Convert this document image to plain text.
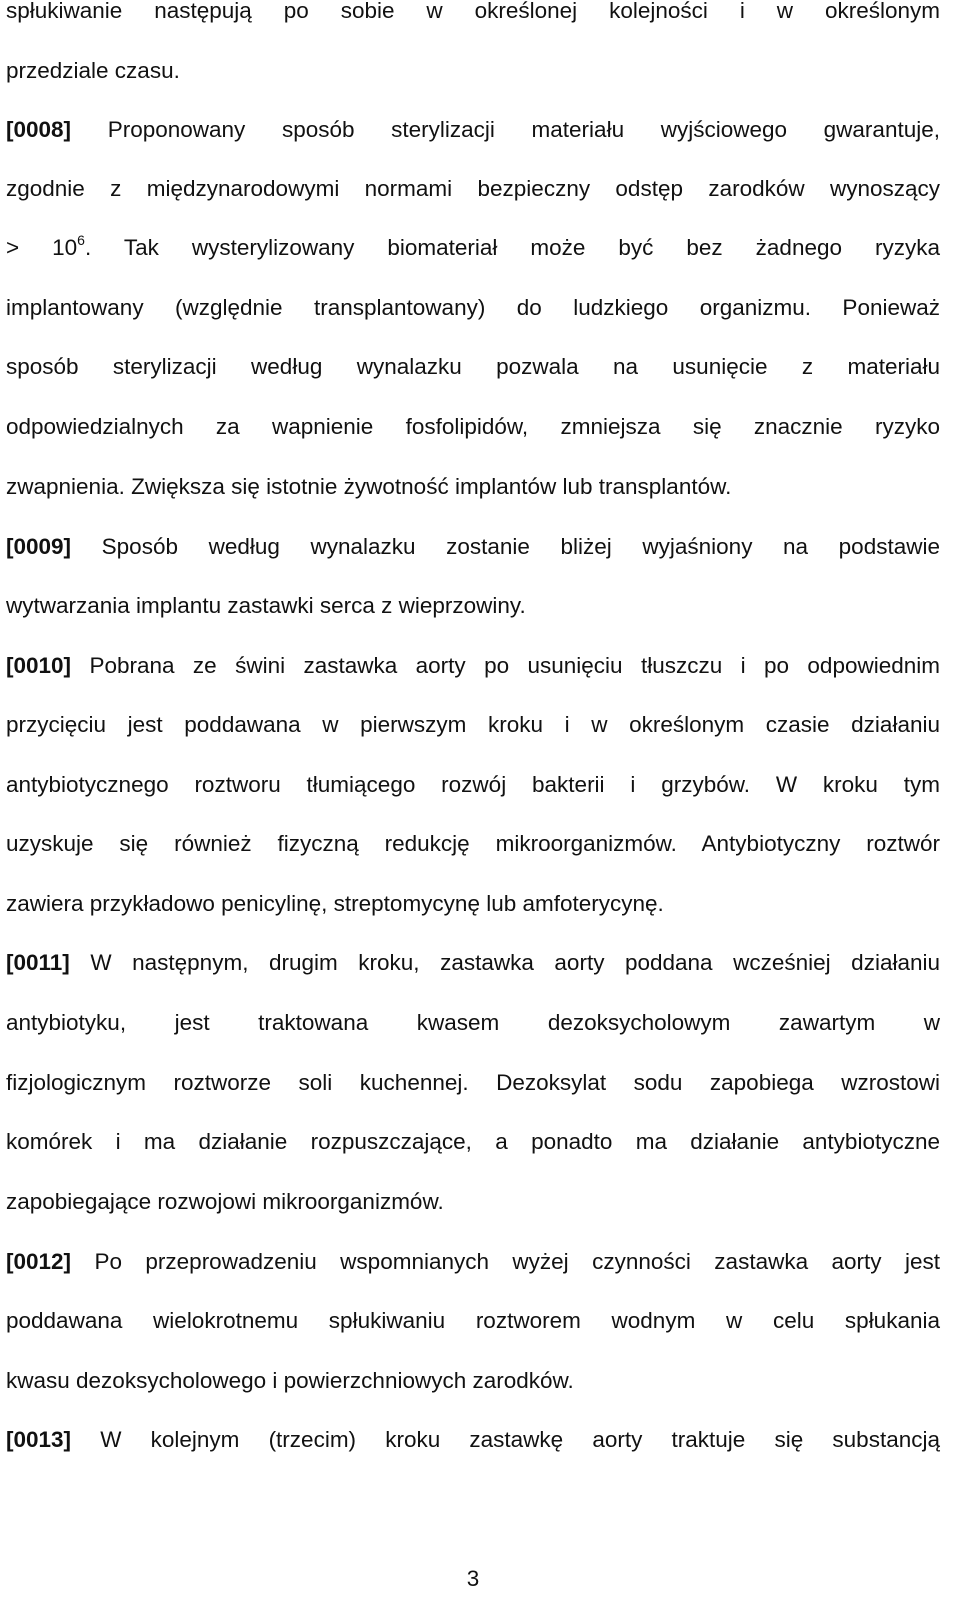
spłukiwanie następują po sobie w określonej kolejności i w określonym
przedziale czasu.
[0008] Proponowany sposób sterylizacji materiału wyjściowego gwarantuje,
zgodnie z międzynarodowymi normami bezpieczny odstęp zarodków wynoszący
> $10^6$. Tak wysterylizowany biomateriał może być bez żadnego ryzyka
implantowany (względnie transplantowany) do ludzkiego organizmu. Ponieważ
sposób sterylizacji według wynalazku pozwala na usunięcie z materiału
odpowiedzialnych za wapnienie fosfolipidów, zmniejsza się znacznie ryzyko
zwapnienia. Zwiększa się istotnie żywotność implantów lub transplantów.
[0009] Sposób według wynalazku zostanie bliżej wyjaśniony na podstawie
wytwarzania implantu zastawki serca z wieprzowiny.
[0010] Pobrana ze świni zastawka aorty po usunięciu tłuszczu i po odpowiednim
przycięciu jest poddawana w pierwszym kroku i w określonym czasie działaniu
antybiotycznego roztworu tłumiącego rozwój bakterii i grzybów. W kroku tym
uzyskuje się również fizyczną redukcję mikroorganizmów. Antybiotyczny roztwór
zawiera przykładowo penicylinę, streptomycynę lub amfoterycynę.
[0011] W następnym, drugim kroku, zastawka aorty poddana wcześniej działaniu
antybiotyku, jest traktowana kwasem dezoksycholowym zawartym w
fizjologicznym roztworze soli kuchennej. Dezoksylat sodu zapobiega wzrostowi
komórek i ma działanie rozpuszczające, a ponadto ma działanie antybiotyczne
zapobiegające rozwojowi mikroorganizmów.
[0012] Po przeprowadzeniu wspomnianych wyżej czynności zastawka aorty jest
poddawana wielokrotnemu spłukiwaniu roztworem wodnym w celu spłukania
kwasu dezoksycholowego i powierzchniowych zarodków.
[0013] W kolejnym (trzecim) kroku zastawkę aorty traktuje się substancją
3
